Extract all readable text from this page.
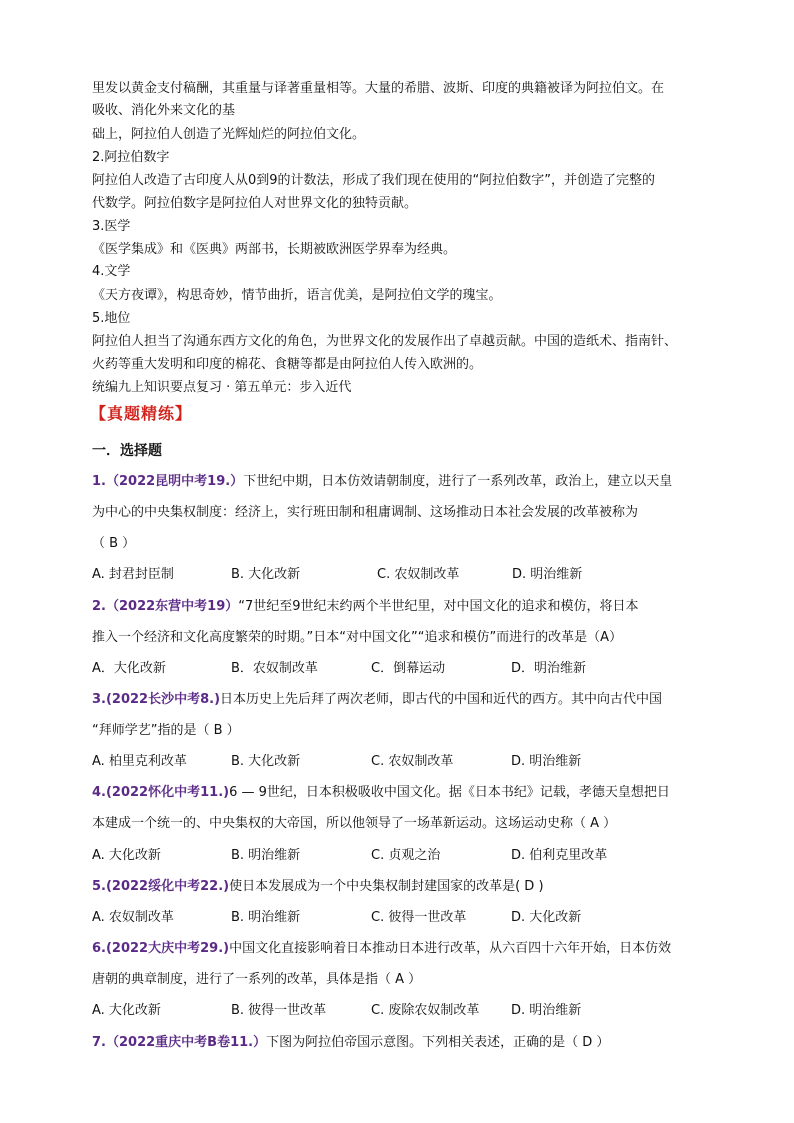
里发以黄金支付稿酬，其重量与译著重量相等。大量的希腊、波斯、印度的典籍被译为阿拉伯文。在
吸收、消化外来文化的基
础上，阿拉伯人创造了光辉灿烂的阿拉伯文化。
2.阿拉伯数字
阿拉伯人改造了古印度人从0到9的计数法，形成了我们现在使用的“阿拉伯数字”，并创造了完整的
代数学。阿拉伯数字是阿拉伯人对世界文化的独特贡献。
3.医学
《医学集成》和《医典》两部书，长期被欧洲医学界奉为经典。
4.文学
《天方夜谭》，构思奇妙，情节曲折，语言优美，是阿拉伯文学的瑰宝。
5.地位
阿拉伯人担当了沟通东西方文化的角色，为世界文化的发展作出了卓越贡献。中国的造纸术、指南针、
火药等重大发明和印度的棉花、食糖等都是由阿拉伯人传入欧洲的。
统编九上知识要点复习 · 第五单元：步入近代
【真题精练】
一．选择题
1.（2022昆明中考19.）下世纪中期，日本仿效请朝制度，进行了一系列改革，政治上，建立以天皇
为中心的中央集权制度：经济上，实行班田制和租庸调制、这场推动日本社会发展的改革被称为
（ B ）
A. 封君封臣制	B. 大化改新	C. 农奴制改革	D. 明治维新
2.（2022东营中考19）“7世纪至9世纪末约两个半世纪里，对中国文化的追求和模仿，将日本
推入一个经济和文化高度繁荣的时期。”日本“对中国文化”“追求和模仿”而进行的改革是（A）
A．大化改新	B．农奴制改革	C．倒幕运动	D．明治维新
3.(2022长沙中考8.)日本历史上先后拜了两次老师，即古代的中国和近代的西方。其中向古代中国
“拜师学艺”指的是（ B ）
A. 柏里克利改革	B. 大化改新	C. 农奴制改革	D. 明治维新
4.(2022怀化中考11.)6 — 9世纪，日本积极吸收中国文化。据《日本书纪》记载，孝德天皇想把日
本建成一个统一的、中央集权的大帝国，所以他领导了一场革新运动。这场运动史称（ A ）
A. 大化改新	B. 明治维新	C. 贞观之治	D. 伯利克里改革
5.(2022绥化中考22.)使日本发展成为一个中央集权制封建国家的改革是( D )
A. 农奴制改革	B. 明治维新	C. 彼得一世改革	D. 大化改新
6.(2022大庆中考29.)中国文化直接影响着日本推动日本进行改革，从六百四十六年开始，日本仿效
唐朝的典章制度，进行了一系列的改革，具体是指（ A ）
A. 大化改新	B. 彼得一世改革	C. 废除农奴制改革 D. 明治维新
7.（2022重庆中考B卷11.）下图为阿拉伯帝国示意图。下列相关表述，正确的是（ D ）
